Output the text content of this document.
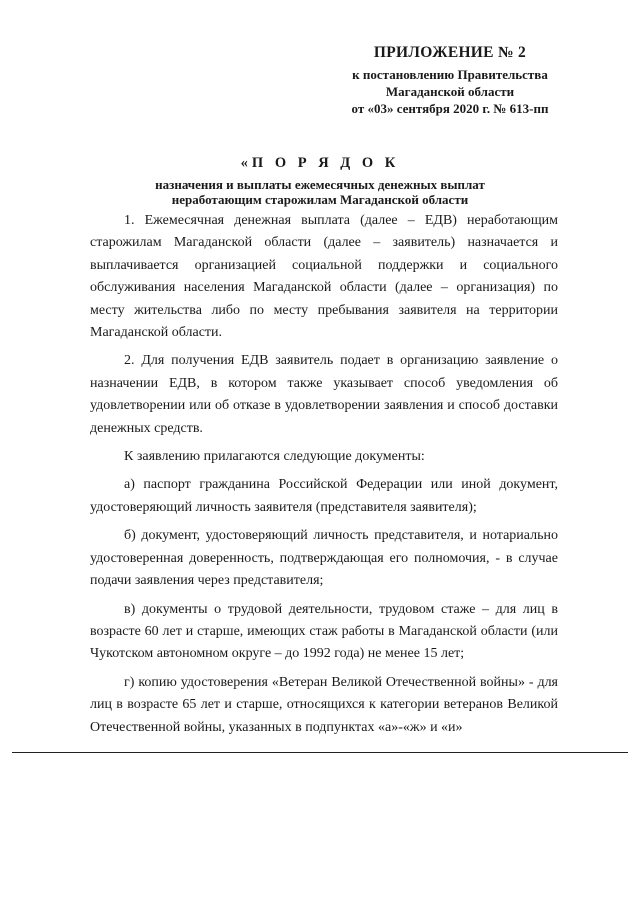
ПРИЛОЖЕНИЕ № 2
к постановлению Правительства
Магаданской области
от «03» сентября 2020 г. № 613-пп
«П О Р Я Д О К
назначения и выплаты ежемесячных денежных выплат
неработающим старожилам Магаданской области

1. Ежемесячная денежная выплата (далее – ЕДВ) неработающим старожилам Магаданской области (далее – заявитель) назначается и выплачивается организацией социальной поддержки и социального обслуживания населения Магаданской области (далее – организация) по месту жительства либо по месту пребывания заявителя на территории Магаданской области.

2. Для получения ЕДВ заявитель подает в организацию заявление о назначении ЕДВ, в котором также указывает способ уведомления об удовлетворении или об отказе в удовлетворении заявления и способ доставки денежных средств.

К заявлению прилагаются следующие документы:

а) паспорт гражданина Российской Федерации или иной документ, удостоверяющий личность заявителя (представителя заявителя);

б) документ, удостоверяющий личность представителя, и нотариально удостоверенная доверенность, подтверждающая его полномочия, - в случае подачи заявления через представителя;

в) документы о трудовой деятельности, трудовом стаже – для лиц в возрасте 60 лет и старше, имеющих стаж работы в Магаданской области (или Чукотском автономном округе – до 1992 года) не менее 15 лет;

г) копию удостоверения «Ветеран Великой Отечественной войны» - для лиц в возрасте 65 лет и старше, относящихся к категории ветеранов Великой Отечественной войны, указанных в подпунктах «а»-«ж» и «и»
